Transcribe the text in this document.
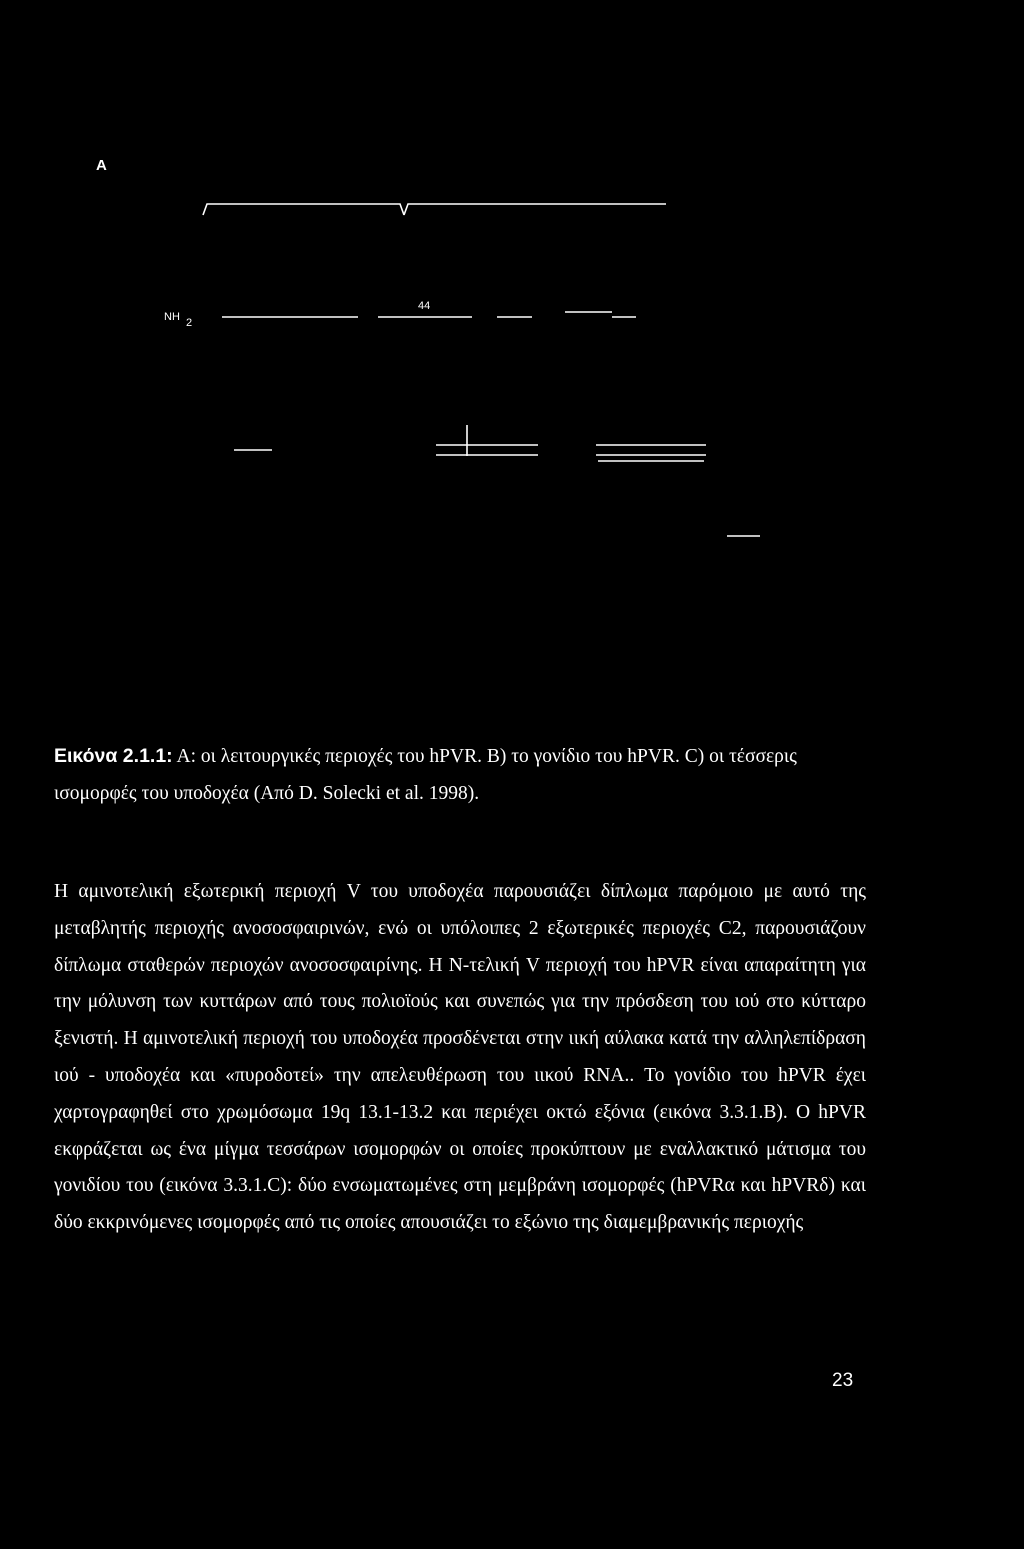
A
NH 2
44
Εικόνα 2.1.1: Α: οι λειτουργικές περιοχές του hPVR. B) το γονίδιο του hPVR. C) οι τέσσερις ισομορφές του υποδοχέα (Από D. Solecki et al. 1998).
Η αμινοτελική εξωτερική περιοχή V του υποδοχέα παρουσιάζει δίπλωμα παρόμοιο με αυτό της μεταβλητής περιοχής ανοσοσφαιρινών, ενώ οι υπόλοιπες 2 εξωτερικές περιοχές C2, παρουσιάζουν δίπλωμα σταθερών περιοχών ανοσοσφαιρίνης. Η Ν-τελική V περιοχή του hPVR είναι απαραίτητη για την μόλυνση των κυττάρων από τους πολιοϊούς και συνεπώς για την πρόσδεση του ιού στο κύτταρο ξενιστή. Η αμινοτελική περιοχή του υποδοχέα προσδένεται στην ιική αύλακα κατά την αλληλεπίδραση ιού - υποδοχέα και «πυροδοτεί» την απελευθέρωση του ιικού RNA.. Το γονίδιο του hPVR έχει χαρτογραφηθεί στο χρωμόσωμα 19q 13.1-13.2 και περιέχει οκτώ εξόνια (εικόνα 3.3.1.B). Ο hPVR εκφράζεται ως ένα μίγμα τεσσάρων ισομορφών οι οποίες προκύπτουν με εναλλακτικό μάτισμα του γονιδίου του (εικόνα 3.3.1.C): δύο ενσωματωμένες στη μεμβράνη ισομορφές (hPVRα και hPVRδ) και δύο εκκρινόμενες ισομορφές από τις οποίες απουσιάζει το εξώνιο της διαμεμβρανικής περιοχής
23
